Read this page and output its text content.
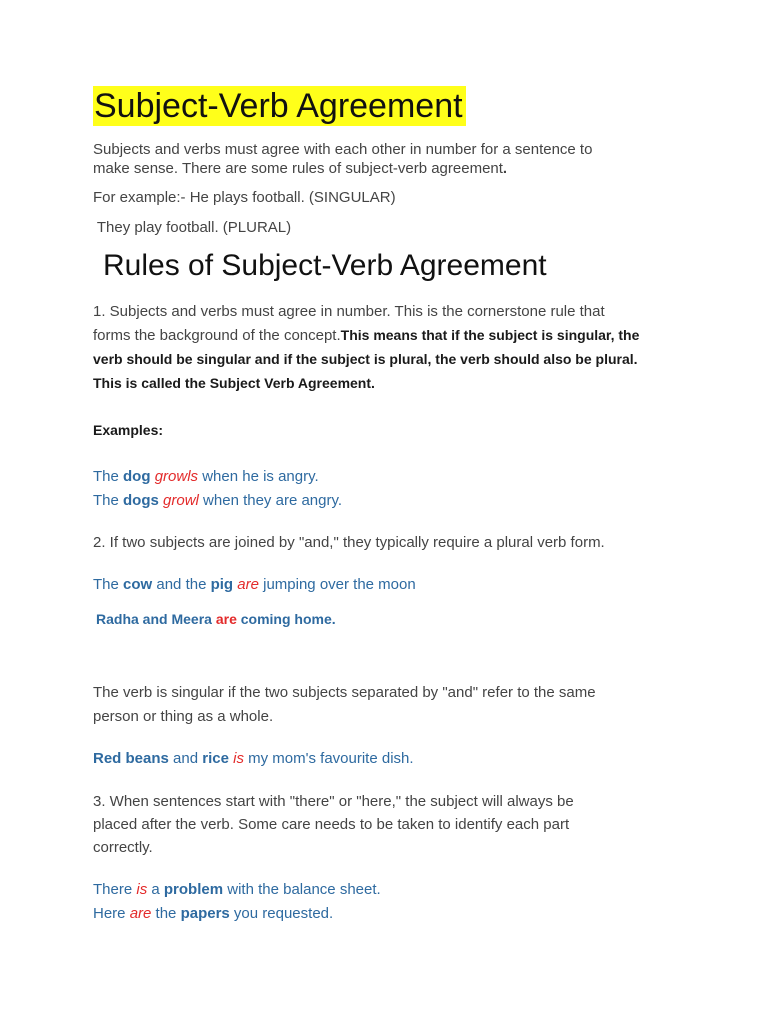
Subject-Verb Agreement
Subjects and verbs must agree with each other in number for a sentence to
make sense. There are some rules of subject-verb agreement.
For example:- He plays football. (SINGULAR)
They play football. (PLURAL)
Rules of Subject-Verb Agreement
1. Subjects and verbs must agree in number. This is the cornerstone rule that
forms the background of the concept.This means that if the subject is singular, the
verb should be singular and if the subject is plural, the verb should also be plural.
This is called the Subject Verb Agreement.
Examples:
The dog growls when he is angry.
The dogs growl when they are angry.
2. If two subjects are joined by "and," they typically require a plural verb form.
The cow and the pig are jumping over the moon
Radha and Meera are coming home.
The verb is singular if the two subjects separated by "and" refer to the same
person or thing as a whole.
Red beans and rice is my mom's favourite dish.
3. When sentences start with "there" or "here," the subject will always be
placed after the verb. Some care needs to be taken to identify each part
correctly.
There is a problem with the balance sheet.
Here are the papers you requested.
